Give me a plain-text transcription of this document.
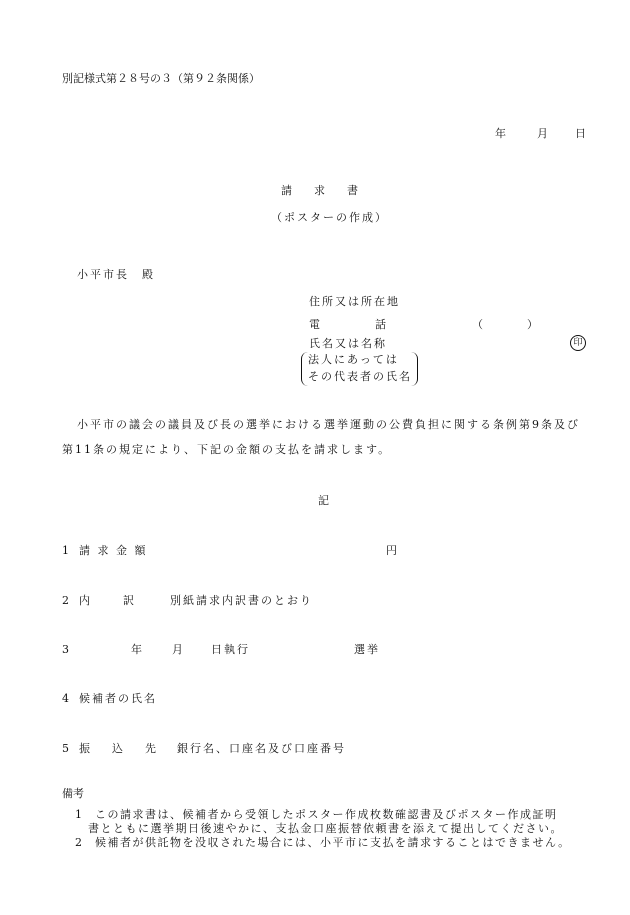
別記様式第２８号の３（第９２条関係）
年	月 日
請　　求　　書
（ポスターの作成）
小平市長　殿
住所又は所在地
電　　　　　話	（　　　　）
氏名又は名称	印
法人にあっては
その代表者の氏名
小平市の議会の議員及び長の選挙における選挙運動の公費負担に関する条例第9条及び
第11条の規定により、下記の金額の支払を請求します。
記
1 請 求 金 額	円
2 内　　　訳	別紙請求内訳書のとおり
3	年	月	日執行	選挙
4 候補者の氏名
5 振　　込　　先 銀行名、口座名及び口座番号
備考
1 この請求書は、候補者から受領したポスター作成枚数確認書及びポスター作成証明
書とともに選挙期日後速やかに、支払金口座振替依頼書を添えて提出してください。
2 候補者が供託物を没収された場合には、小平市に支払を請求することはできません。
